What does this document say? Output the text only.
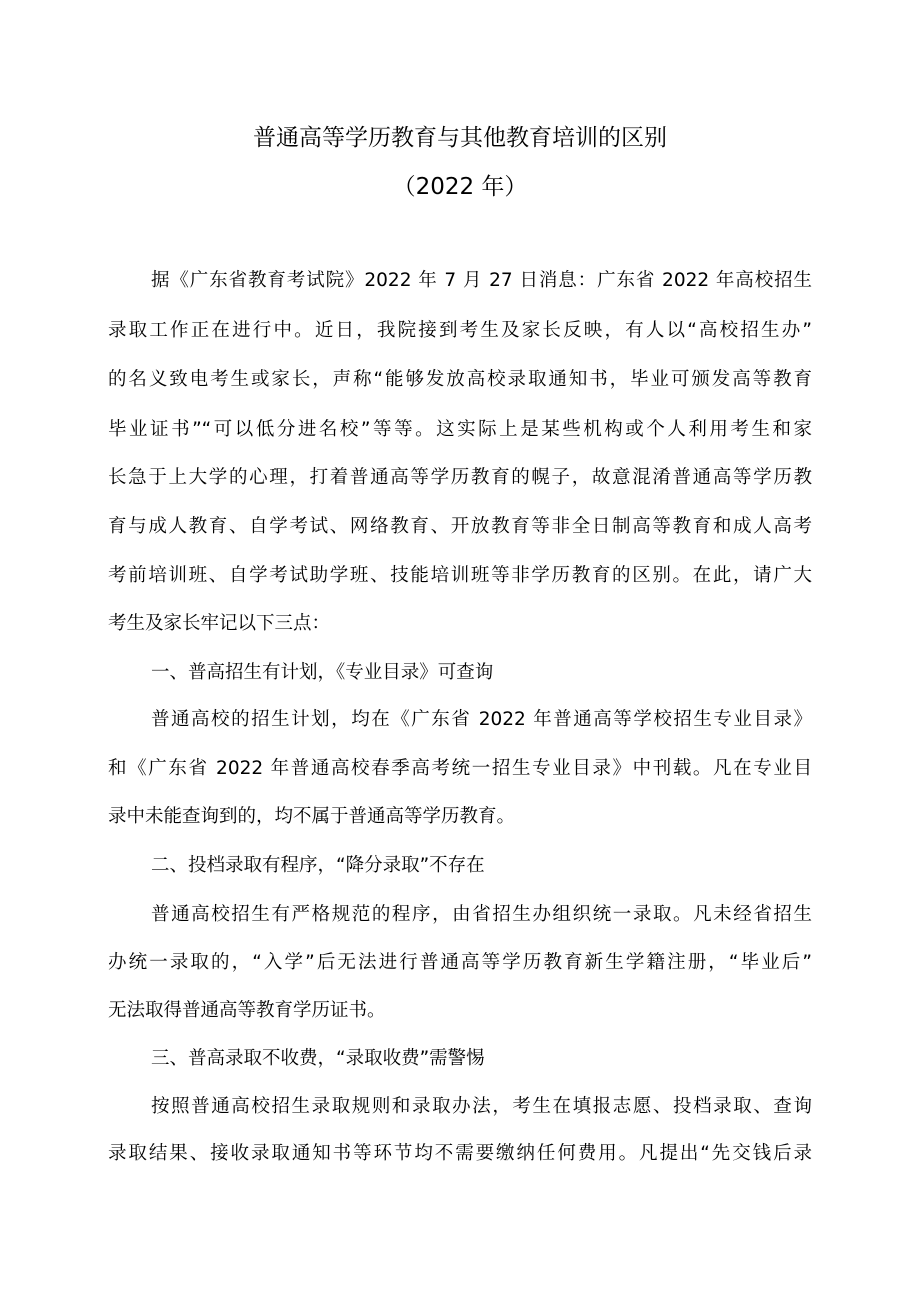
普通高等学历教育与其他教育培训的区别
（2022 年）
据《广东省教育考试院》2022 年 7 月 27 日消息：广东省 2022 年高校招生
录取工作正在进行中。近日，我院接到考生及家长反映，有人以“高校招生办”
的名义致电考生或家长，声称“能够发放高校录取通知书，毕业可颁发高等教育
毕业证书”“可以低分进名校”等等。这实际上是某些机构或个人利用考生和家
长急于上大学的心理，打着普通高等学历教育的幌子，故意混淆普通高等学历教
育与成人教育、自学考试、网络教育、开放教育等非全日制高等教育和成人高考
考前培训班、自学考试助学班、技能培训班等非学历教育的区别。在此，请广大
考生及家长牢记以下三点：
一、普高招生有计划，《专业目录》可查询
普通高校的招生计划，均在《广东省 2022 年普通高等学校招生专业目录》
和《广东省 2022 年普通高校春季高考统一招生专业目录》中刊载。凡在专业目
录中未能查询到的，均不属于普通高等学历教育。
二、投档录取有程序，“降分录取”不存在
普通高校招生有严格规范的程序，由省招生办组织统一录取。凡未经省招生
办统一录取的，“入学”后无法进行普通高等学历教育新生学籍注册，“毕业后”
无法取得普通高等教育学历证书。
三、普高录取不收费，“录取收费”需警惕
按照普通高校招生录取规则和录取办法，考生在填报志愿、投档录取、查询
录取结果、接收录取通知书等环节均不需要缴纳任何费用。凡提出“先交钱后录
